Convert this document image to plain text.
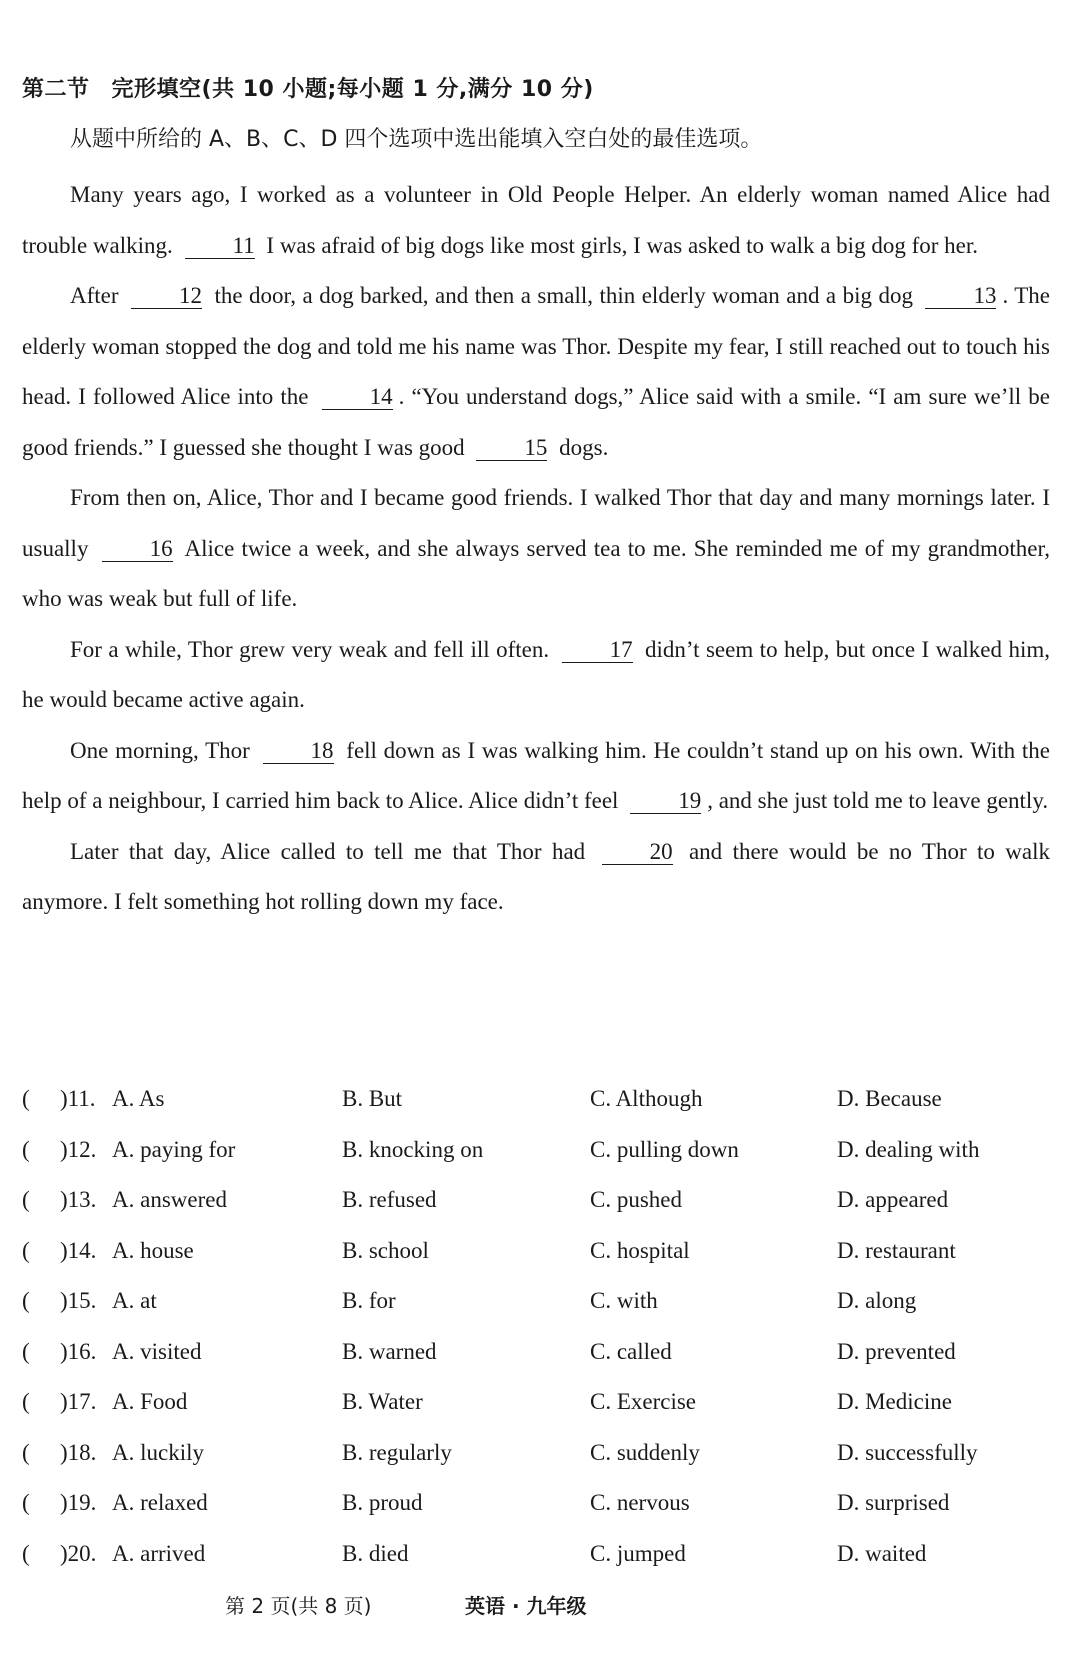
第二节 完形填空(共 10 小题;每小题 1 分,满分 10 分)
从题中所给的 A、B、C、D 四个选项中选出能填入空白处的最佳选项。

Many years ago, I worked as a volunteer in Old People Helper. An elderly woman named Alice had trouble walking. 11 I was afraid of big dogs like most girls, I was asked to walk a big dog for her.

After 12 the door, a dog barked, and then a small, thin elderly woman and a big dog 13 . The elderly woman stopped the dog and told me his name was Thor. Despite my fear, I still reached out to touch his head. I followed Alice into the 14 . “You understand dogs,” Alice said with a smile. “I am sure we’ll be good friends.” I guessed she thought I was good 15 dogs.

From then on, Alice, Thor and I became good friends. I walked Thor that day and many mornings later. I usually 16 Alice twice a week, and she always served tea to me. She reminded me of my grandmother, who was weak but full of life.

For a while, Thor grew very weak and fell ill often. 17 didn’t seem to help, but once I walked him, he would became active again.

One morning, Thor 18 fell down as I was walking him. He couldn’t stand up on his own. With the help of a neighbour, I carried him back to Alice. Alice didn’t feel 19 , and she just told me to leave gently.

Later that day, Alice called to tell me that Thor had 20 and there would be no Thor to walk anymore. I felt something hot rolling down my face.

( )11. A. As	B. But	C. Although	D. Because
( )12. A. paying for	B. knocking on	C. pulling down	D. dealing with
( )13. A. answered	B. refused	C. pushed	D. appeared
( )14. A. house	B. school	C. hospital	D. restaurant
( )15. A. at	B. for	C. with	D. along
( )16. A. visited	B. warned	C. called	D. prevented
( )17. A. Food	B. Water	C. Exercise	D. Medicine
( )18. A. luckily	B. regularly	C. suddenly	D. successfully
( )19. A. relaxed	B. proud	C. nervous	D. surprised
( )20. A. arrived	B. died	C. jumped	D. waited
第 2 页(共 8 页)	英语 · 九年级
